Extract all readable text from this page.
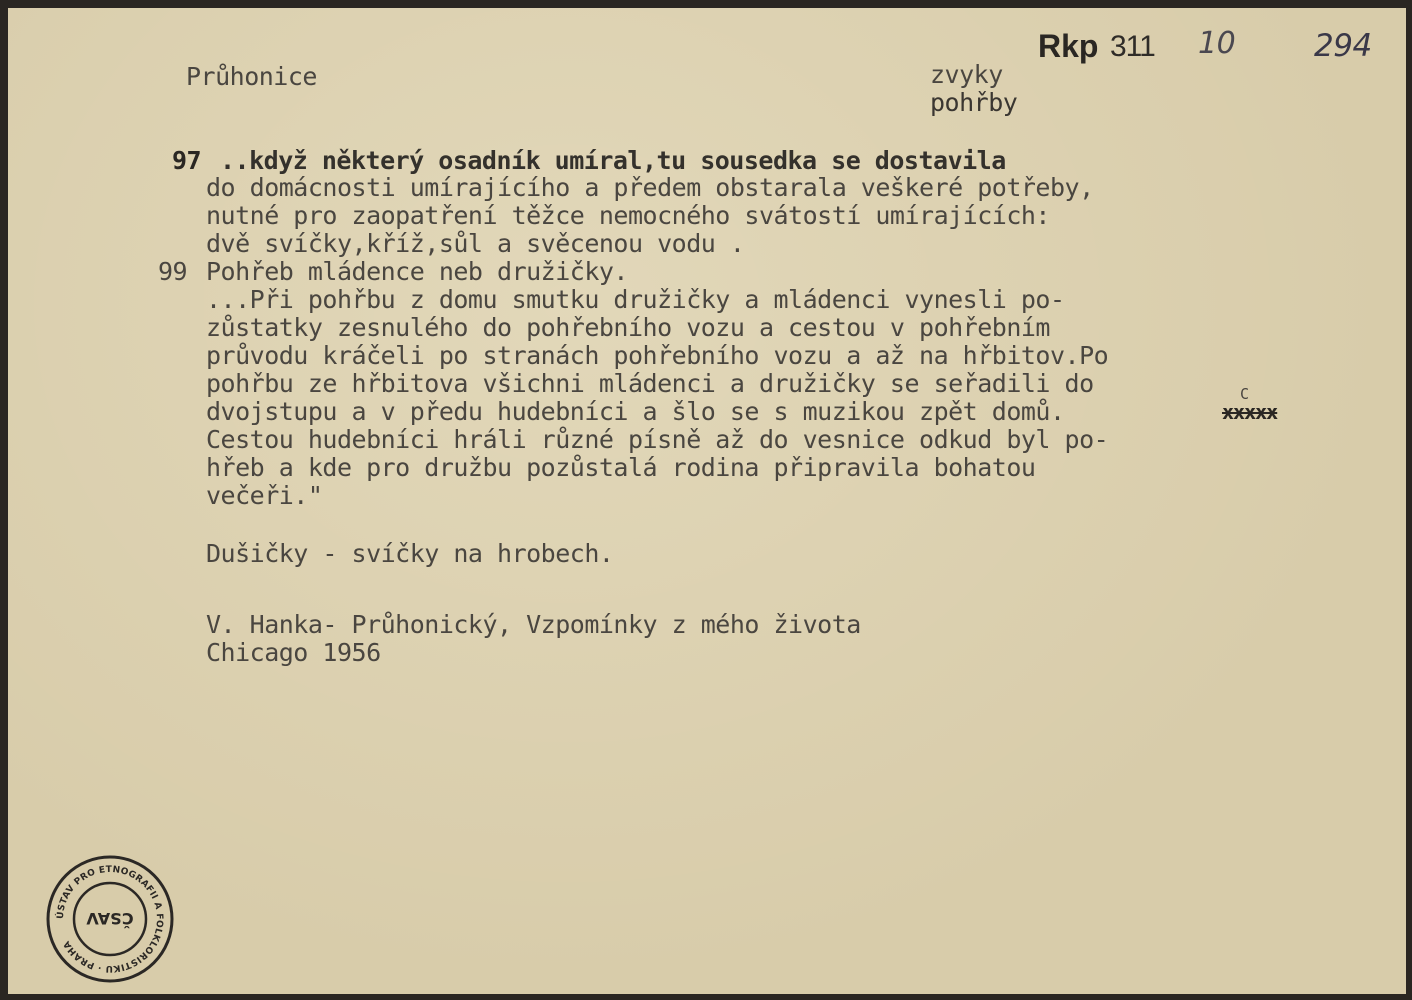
Rkp 311 10	294
Průhonice	zvyky
pohřby
97 ..když některý osadník umíral,tu sousedka se dostavila
do domácnosti umírajícího a předem obstarala veškeré potřeby,
nutné pro zaopatření těžce nemocného svátostí umírajících:
dvě svíčky,kříž,sůl a svěcenou vodu .
99 Pohřeb mládence neb družičky.
...Při pohřbu z domu smutku družičky a mládenci vynesli po-
zůstatky zesnulého do pohřebního vozu a cestou v pohřebním
průvodu kráčeli po stranách pohřebního vozu a až na hřbitov.Po
pohřbu ze hřbitova všichni mládenci a družičky se seřadili do
dvojstupu a v předu hudebníci a šlo se s muzikou zpět domů.	xxxxx
C
Cestou hudebníci hráli různé písně až do vesnice odkud byl po-
hřeb a kde pro družbu pozůstalá rodina připravila bohatou
večeři."
Dušičky - svíčky na hrobech.
V. Hanka- Průhonický, Vzpomínky z mého života
Chicago 1956
ÚSTAV PRO ETNOGRAFII A FOLKLORISTIKU · PRAHA
ČSAV
